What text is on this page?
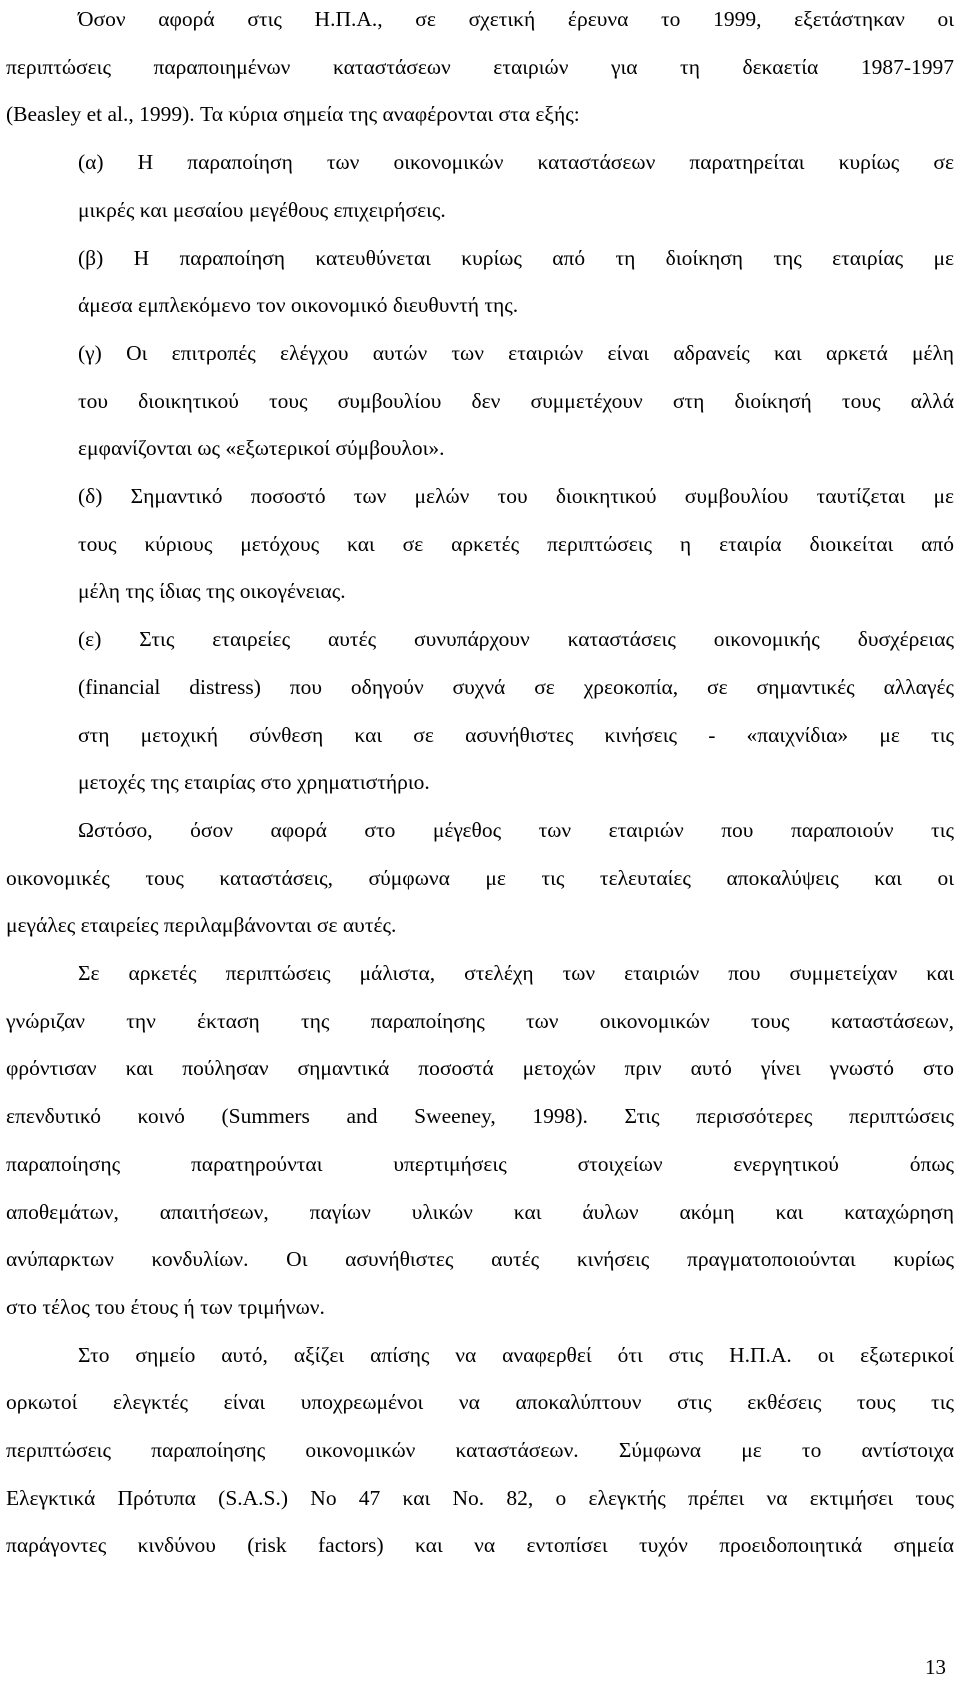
Όσον αφορά στις Η.Π.Α., σε σχετική έρευνα το 1999, εξετάστηκαν οι
περιπτώσεις παραποιημένων καταστάσεων εταιριών για τη δεκαετία 1987-1997
(Beasley et al., 1999). Τα κύρια σημεία της αναφέρονται στα εξής:
(α) Η παραποίηση των οικονομικών καταστάσεων παρατηρείται κυρίως σε
μικρές και μεσαίου μεγέθους επιχειρήσεις.
(β) Η παραποίηση κατευθύνεται κυρίως από τη διοίκηση της εταιρίας με
άμεσα εμπλεκόμενο τον οικονομικό διευθυντή της.
(γ) Οι επιτροπές ελέγχου αυτών των εταιριών είναι αδρανείς και αρκετά μέλη
του διοικητικού τους συμβουλίου δεν συμμετέχουν στη διοίκησή τους αλλά
εμφανίζονται ως «εξωτερικοί σύμβουλοι».
(δ) Σημαντικό ποσοστό των μελών του διοικητικού συμβουλίου ταυτίζεται με
τους κύριους μετόχους και σε αρκετές περιπτώσεις η εταιρία διοικείται από
μέλη της ίδιας της οικογένειας.
(ε) Στις εταιρείες αυτές συνυπάρχουν καταστάσεις οικονομικής δυσχέρειας
(financial distress) που οδηγούν συχνά σε χρεοκοπία, σε σημαντικές αλλαγές
στη μετοχική σύνθεση και σε ασυνήθιστες κινήσεις - «παιχνίδια» με τις
μετοχές της εταιρίας στο χρηματιστήριο.
Ωστόσο, όσον αφορά στο μέγεθος των εταιριών που παραποιούν τις
οικονομικές τους καταστάσεις, σύμφωνα με τις τελευταίες αποκαλύψεις και οι
μεγάλες εταιρείες περιλαμβάνονται σε αυτές.
Σε αρκετές περιπτώσεις μάλιστα, στελέχη των εταιριών που συμμετείχαν και
γνώριζαν την έκταση της παραποίησης των οικονομικών τους καταστάσεων,
φρόντισαν και πούλησαν σημαντικά ποσοστά μετοχών πριν αυτό γίνει γνωστό στο
επενδυτικό κοινό (Summers and Sweeney, 1998). Στις περισσότερες περιπτώσεις
παραποίησης παρατηρούνται υπερτιμήσεις στοιχείων ενεργητικού όπως
αποθεμάτων, απαιτήσεων, παγίων υλικών και άυλων ακόμη και καταχώρηση
ανύπαρκτων κονδυλίων. Οι ασυνήθιστες αυτές κινήσεις πραγματοποιούνται κυρίως
στο τέλος του έτους ή των τριμήνων.
Στο σημείο αυτό, αξίζει απίσης να αναφερθεί ότι στις Η.Π.Α. οι εξωτερικοί
ορκωτοί ελεγκτές είναι υποχρεωμένοι να αποκαλύπτουν στις εκθέσεις τους τις
περιπτώσεις παραποίησης οικονομικών καταστάσεων. Σύμφωνα με το αντίστοιχα
Ελεγκτικά Πρότυπα (S.A.S.) No 47 και No. 82, ο ελεγκτής πρέπει να εκτιμήσει τους
παράγοντες κινδύνου (risk factors) και να εντοπίσει τυχόν προειδοποιητικά σημεία
13
